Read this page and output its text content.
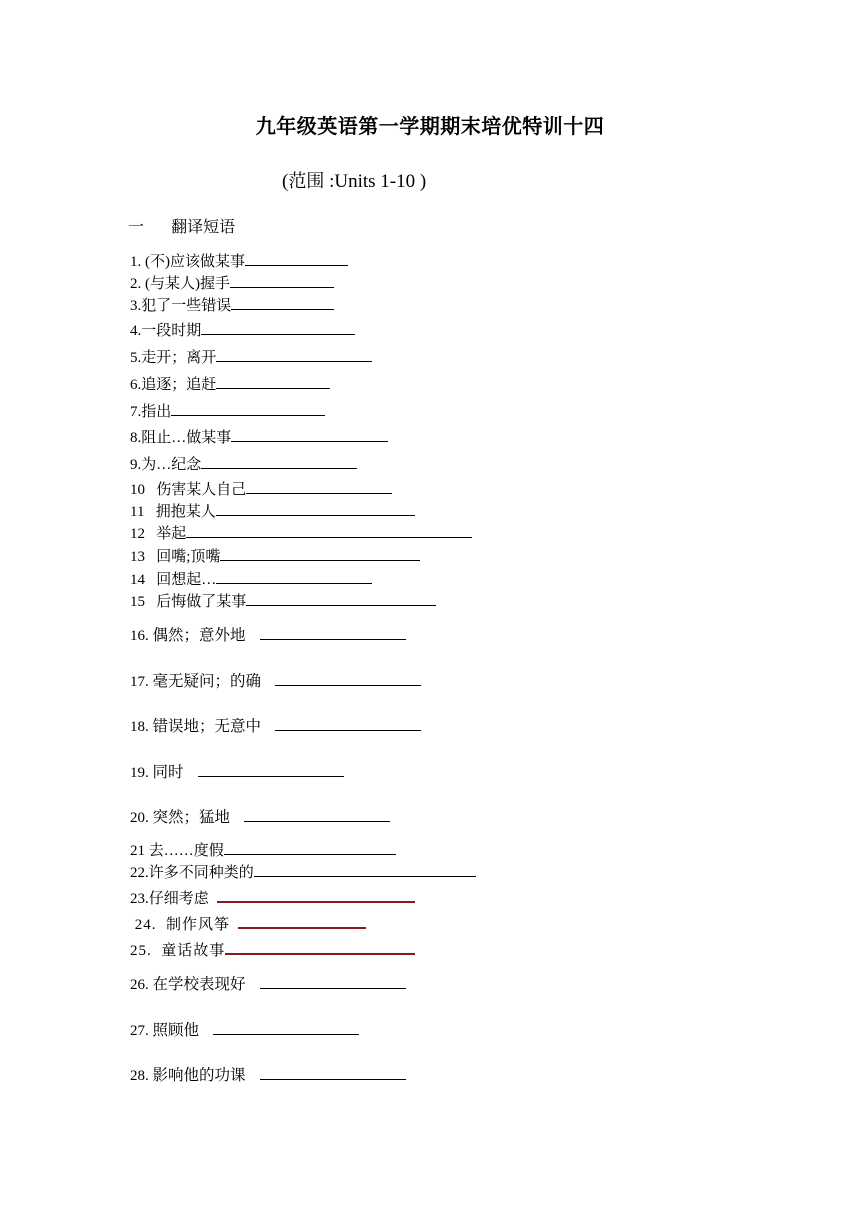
九年级英语第一学期期末培优特训十四
(范围 :Units 1-10 )
一 翻译短语
1. (不)应该做某事
2. (与某人)握手
3.犯了一些错误
4.一段时期
5.走开；离开
6.追逐；追赶
7.指出
8.阻止…做某事
9.为…纪念
10   伤害某人自己
11   拥抱某人
12   举起
13   回嘴;顶嘴
14   回想起…
15   后悔做了某事
16. 偶然；意外地
17. 毫无疑问；的确
18. 错误地；无意中
19. 同时
20. 突然；猛地
21 去……度假
22.许多不同种类的
23.仔细考虑
24.  制作风筝
25.  童话故事
26. 在学校表现好
27. 照顾他
28. 影响他的功课
